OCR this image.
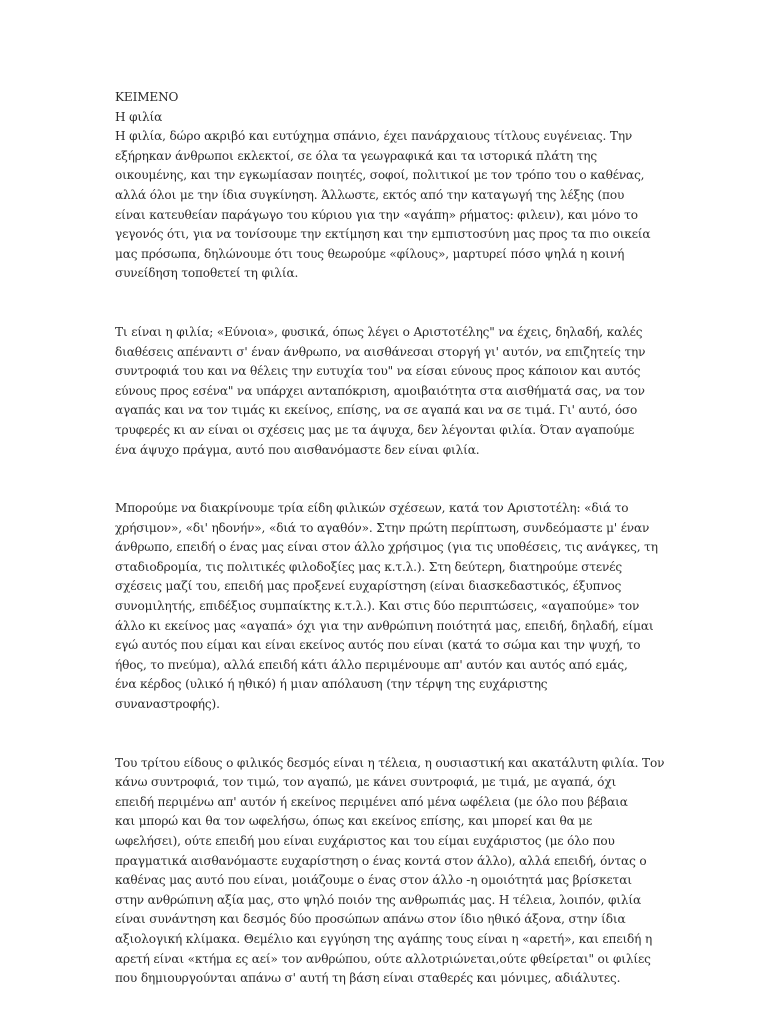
ΚΕΙΜΕΝΟ

Η φιλία

Η φιλία, δώρο ακριβό και ευτύχημα σπάνιο, έχει πανάρχαιους τίτλους ευγένειας. Την
εξήρηκαν άνθρωποι εκλεκτοί, σε όλα τα γεωγραφικά και τα ιστορικά πλάτη της
οικουμένης, και την εγκωμίασαν ποιητές, σοφοί, πολιτικοί με τον τρόπο του ο καθένας,
αλλά όλοι με την ίδια συγκίνηση. Άλλωστε, εκτός από την καταγωγή της λέξης (που
είναι κατευθείαν παράγωγο του κύριου για την «αγάπη» ρήματος: φιλειν), και μόνο το
γεγονός ότι, για να τονίσουμε την εκτίμηση και την εμπιστοσύνη μας προς τα πιο οικεία
μας πρόσωπα, δηλώνουμε ότι τους θεωρούμε «φίλους», μαρτυρεί πόσο ψηλά η κοινή
συνείδηση τοποθετεί τη φιλία.

Τι είναι η φιλία; «Εύνοια», φυσικά, όπως λέγει ο Αριστοτέλης" να έχεις, δηλαδή, καλές
διαθέσεις απέναντι σ' έναν άνθρωπο, να αισθάνεσαι στοργή γι' αυτόν, να επιζητείς την
συντροφιά του και να θέλεις την ευτυχία του" να είσαι εύνους προς κάποιον και αυτός
εύνους προς εσένα" να υπάρχει ανταπόκριση, αμοιβαιότητα στα αισθήματά σας, να τον
αγαπάς και να τον τιμάς κι εκείνος, επίσης, να σε αγαπά και να σε τιμά. Γι' αυτό, όσο
τρυφερές κι αν είναι οι σχέσεις μας με τα άψυχα, δεν λέγονται φιλία. Όταν αγαπούμε
ένα άψυχο πράγμα, αυτό που αισθανόμαστε δεν είναι φιλία.

Μπορούμε να διακρίνουμε τρία είδη φιλικών σχέσεων, κατά τον Αριστοτέλη: «διά το
χρήσιμον», «δι' ηδονήν», «διά το αγαθόν». Στην πρώτη περίπτωση, συνδεόμαστε μ' έναν
άνθρωπο, επειδή ο ένας μας είναι στον άλλο χρήσιμος (για τις υποθέσεις, τις ανάγκες, τη
σταδιοδρομία, τις πολιτικές φιλοδοξίες μας κ.τ.λ.). Στη δεύτερη, διατηρούμε στενές
σχέσεις μαζί του, επειδή μας προξενεί ευχαρίστηση (είναι διασκεδαστικός, έξυπνος
συνομιλητής, επιδέξιος συμπαίκτης κ.τ.λ.). Και στις δύο περιπτώσεις, «αγαπούμε» τον
άλλο κι εκείνος μας «αγαπά» όχι για την ανθρώπινη ποιότητά μας, επειδή, δηλαδή, είμαι
εγώ αυτός που είμαι και είναι εκείνος αυτός που είναι (κατά το σώμα και την ψυχή, το
ήθος, το πνεύμα), αλλά επειδή κάτι άλλο περιμένουμε απ' αυτόν και αυτός από εμάς,
ένα κέρδος (υλικό ή ηθικό) ή μιαν απόλαυση (την τέρψη της ευχάριστης
συναναστροφής).

Του τρίτου είδους ο φιλικός δεσμός είναι η τέλεια, η ουσιαστική και ακατάλυτη φιλία. Τον
κάνω συντροφιά, τον τιμώ, τον αγαπώ, με κάνει συντροφιά, με τιμά, με αγαπά, όχι
επειδή περιμένω απ' αυτόν ή εκείνος περιμένει από μένα ωφέλεια (με όλο που βέβαια
και μπορώ και θα τον ωφελήσω, όπως και εκείνος επίσης, και μπορεί και θα με
ωφελήσει), ούτε επειδή μου είναι ευχάριστος και του είμαι ευχάριστος (με όλο που
πραγματικά αισθανόμαστε ευχαρίστηση ο ένας κοντά στον άλλο), αλλά επειδή, όντας ο
καθένας μας αυτό που είναι, μοιάζουμε ο ένας στον άλλο -η ομοιότητά μας βρίσκεται
στην ανθρώπινη αξία μας, στο ψηλό ποιόν της ανθρωπιάς μας. Η τέλεια, λοιπόν, φιλία
είναι συνάντηση και δεσμός δύο προσώπων απάνω στον ίδιο ηθικό άξονα, στην ίδια
αξιολογική κλίμακα. Θεμέλιο και εγγύηση της αγάπης τους είναι η «αρετή», και επειδή η
αρετή είναι «κτήμα ες αεί» τον ανθρώπου, ούτε αλλοτριώνεται,ούτε φθείρεται" οι φιλίες
που δημιουργούνται απάνω σ' αυτή τη βάση είναι σταθερές και μόνιμες, αδιάλυτες.
